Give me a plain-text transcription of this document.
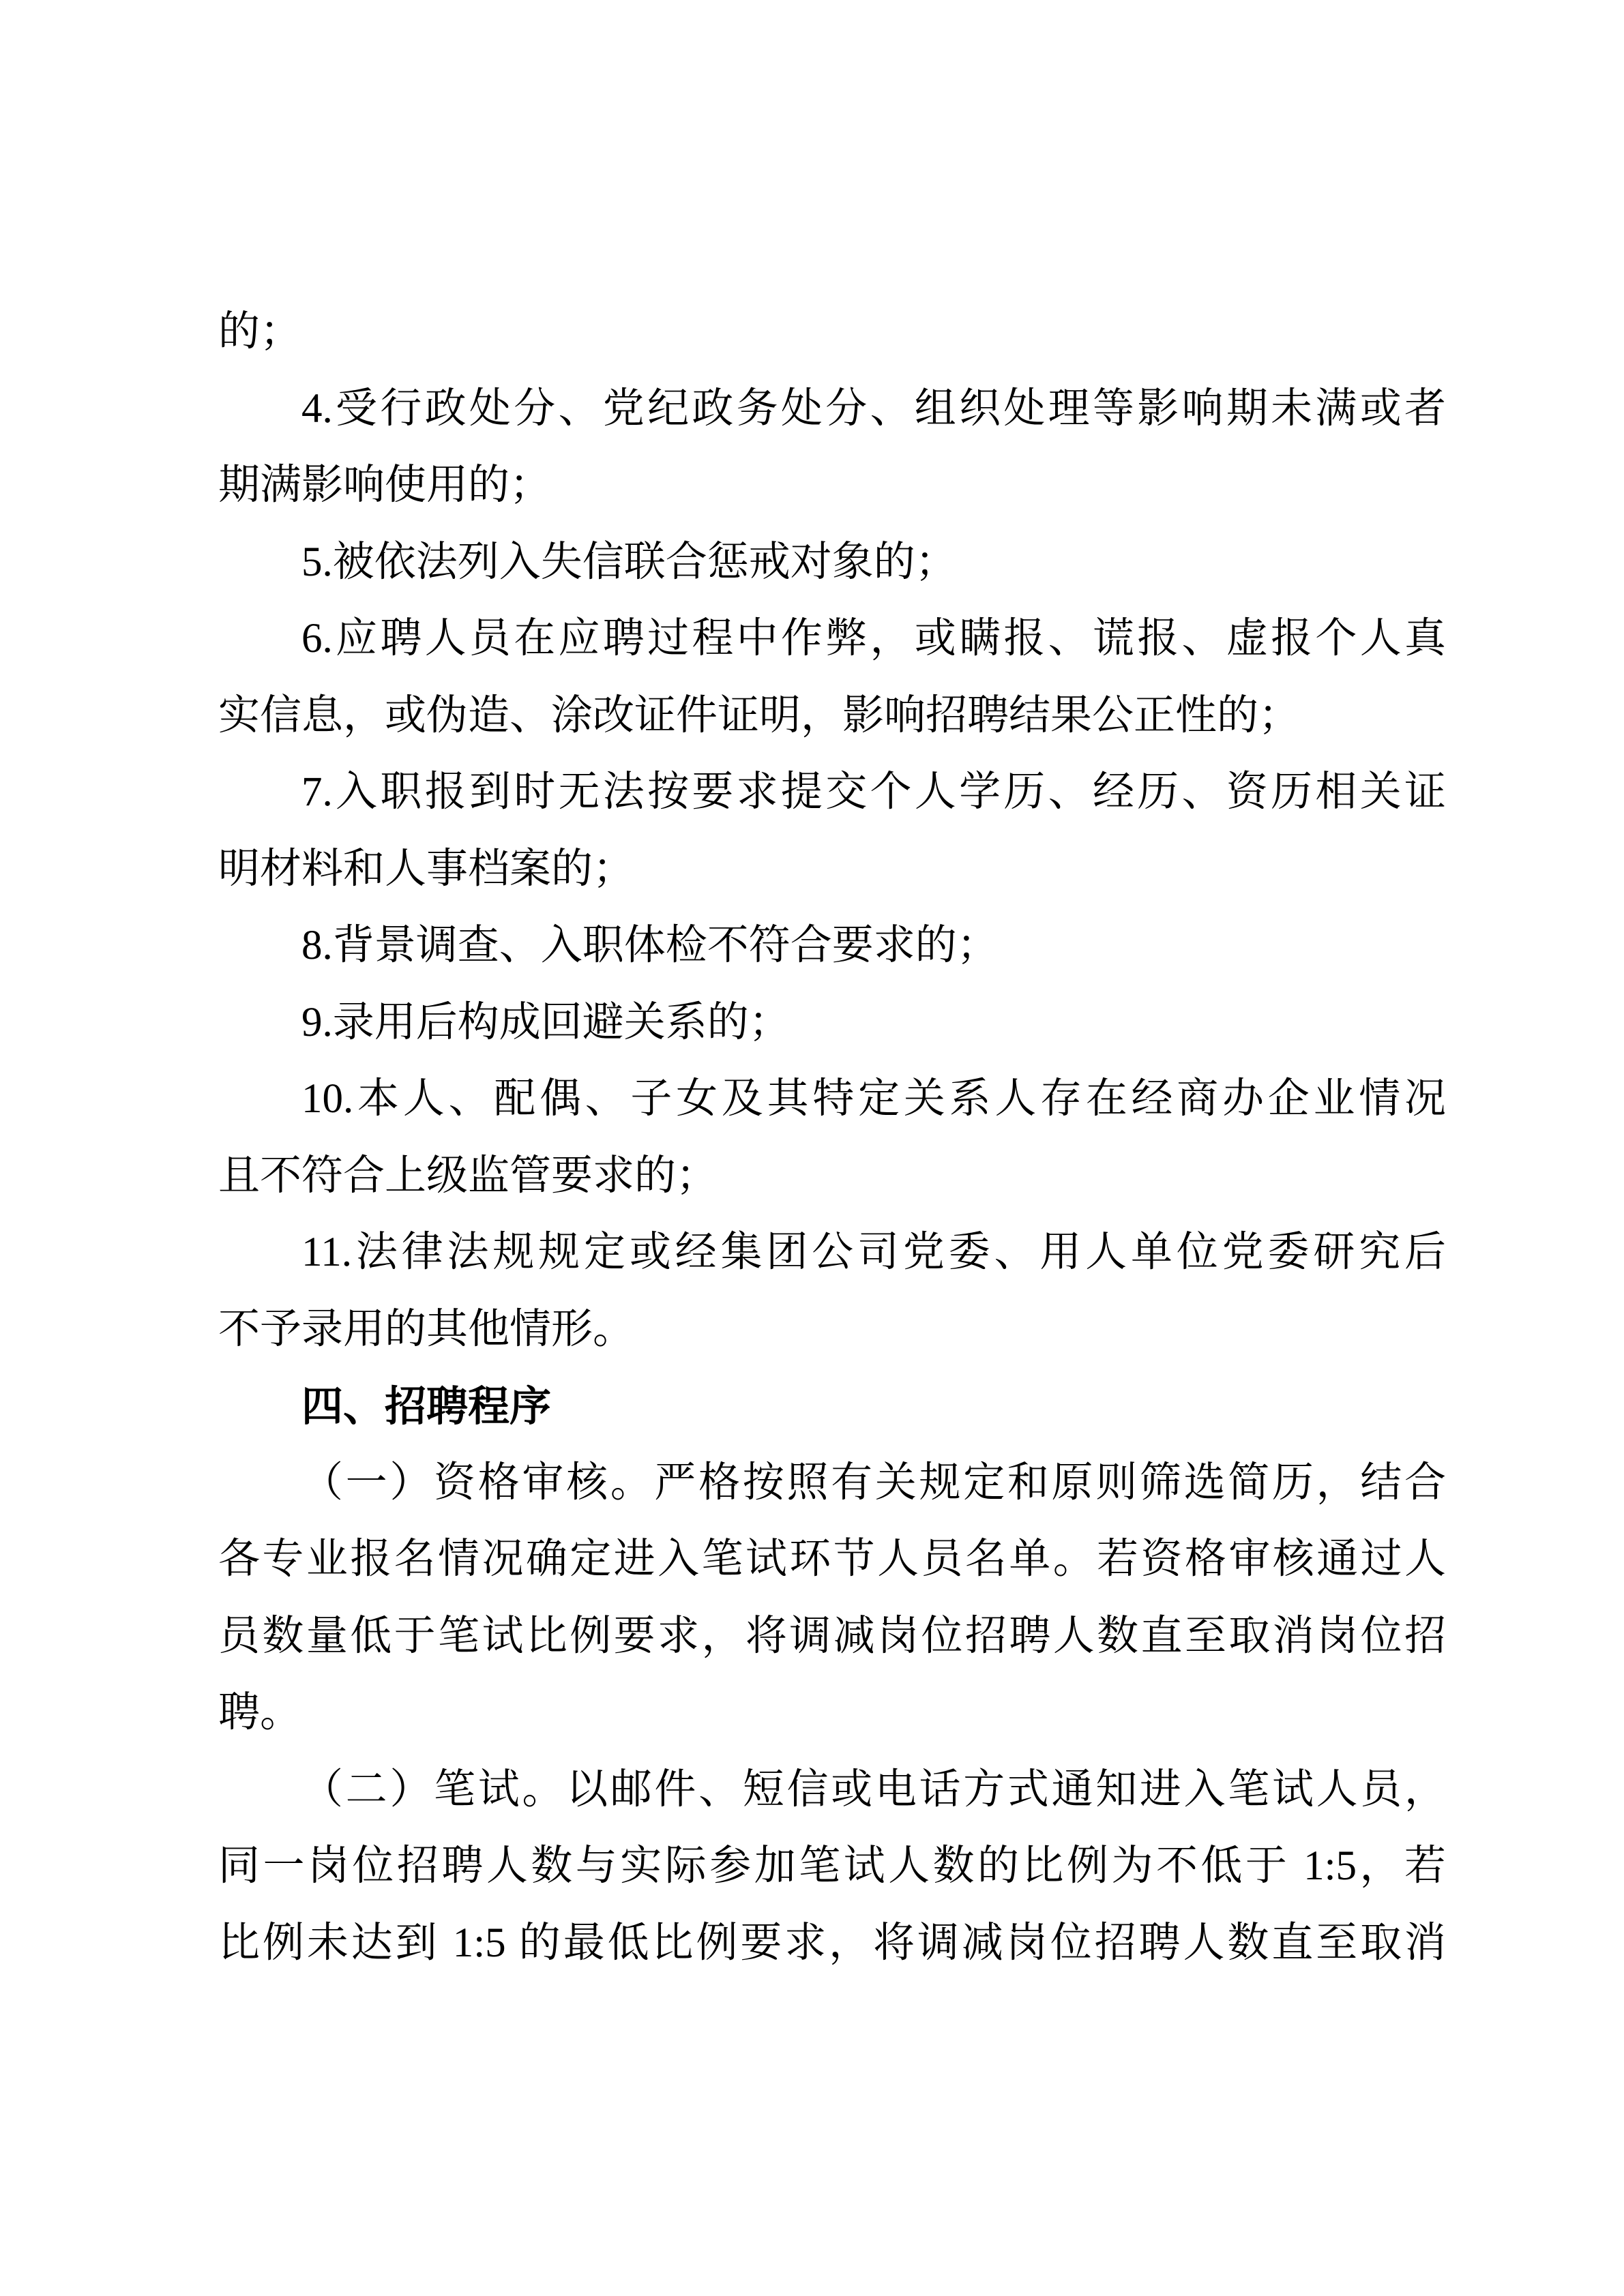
的；
4.受行政处分、党纪政务处分、组织处理等影响期未满或者
期满影响使用的；
5.被依法列入失信联合惩戒对象的；
6.应聘人员在应聘过程中作弊，或瞒报、谎报、虚报个人真
实信息，或伪造、涂改证件证明，影响招聘结果公正性的；
7.入职报到时无法按要求提交个人学历、经历、资历相关证
明材料和人事档案的；
8.背景调查、入职体检不符合要求的；
9.录用后构成回避关系的；
10.本人、配偶、子女及其特定关系人存在经商办企业情况
且不符合上级监管要求的；
11.法律法规规定或经集团公司党委、用人单位党委研究后
不予录用的其他情形。
四、招聘程序
（一）资格审核。严格按照有关规定和原则筛选简历，结合
各专业报名情况确定进入笔试环节人员名单。若资格审核通过人
员数量低于笔试比例要求，将调减岗位招聘人数直至取消岗位招
聘。
（二）笔试。以邮件、短信或电话方式通知进入笔试人员，
同一岗位招聘人数与实际参加笔试人数的比例为不低于 1:5，若
比例未达到 1:5 的最低比例要求，将调减岗位招聘人数直至取消
